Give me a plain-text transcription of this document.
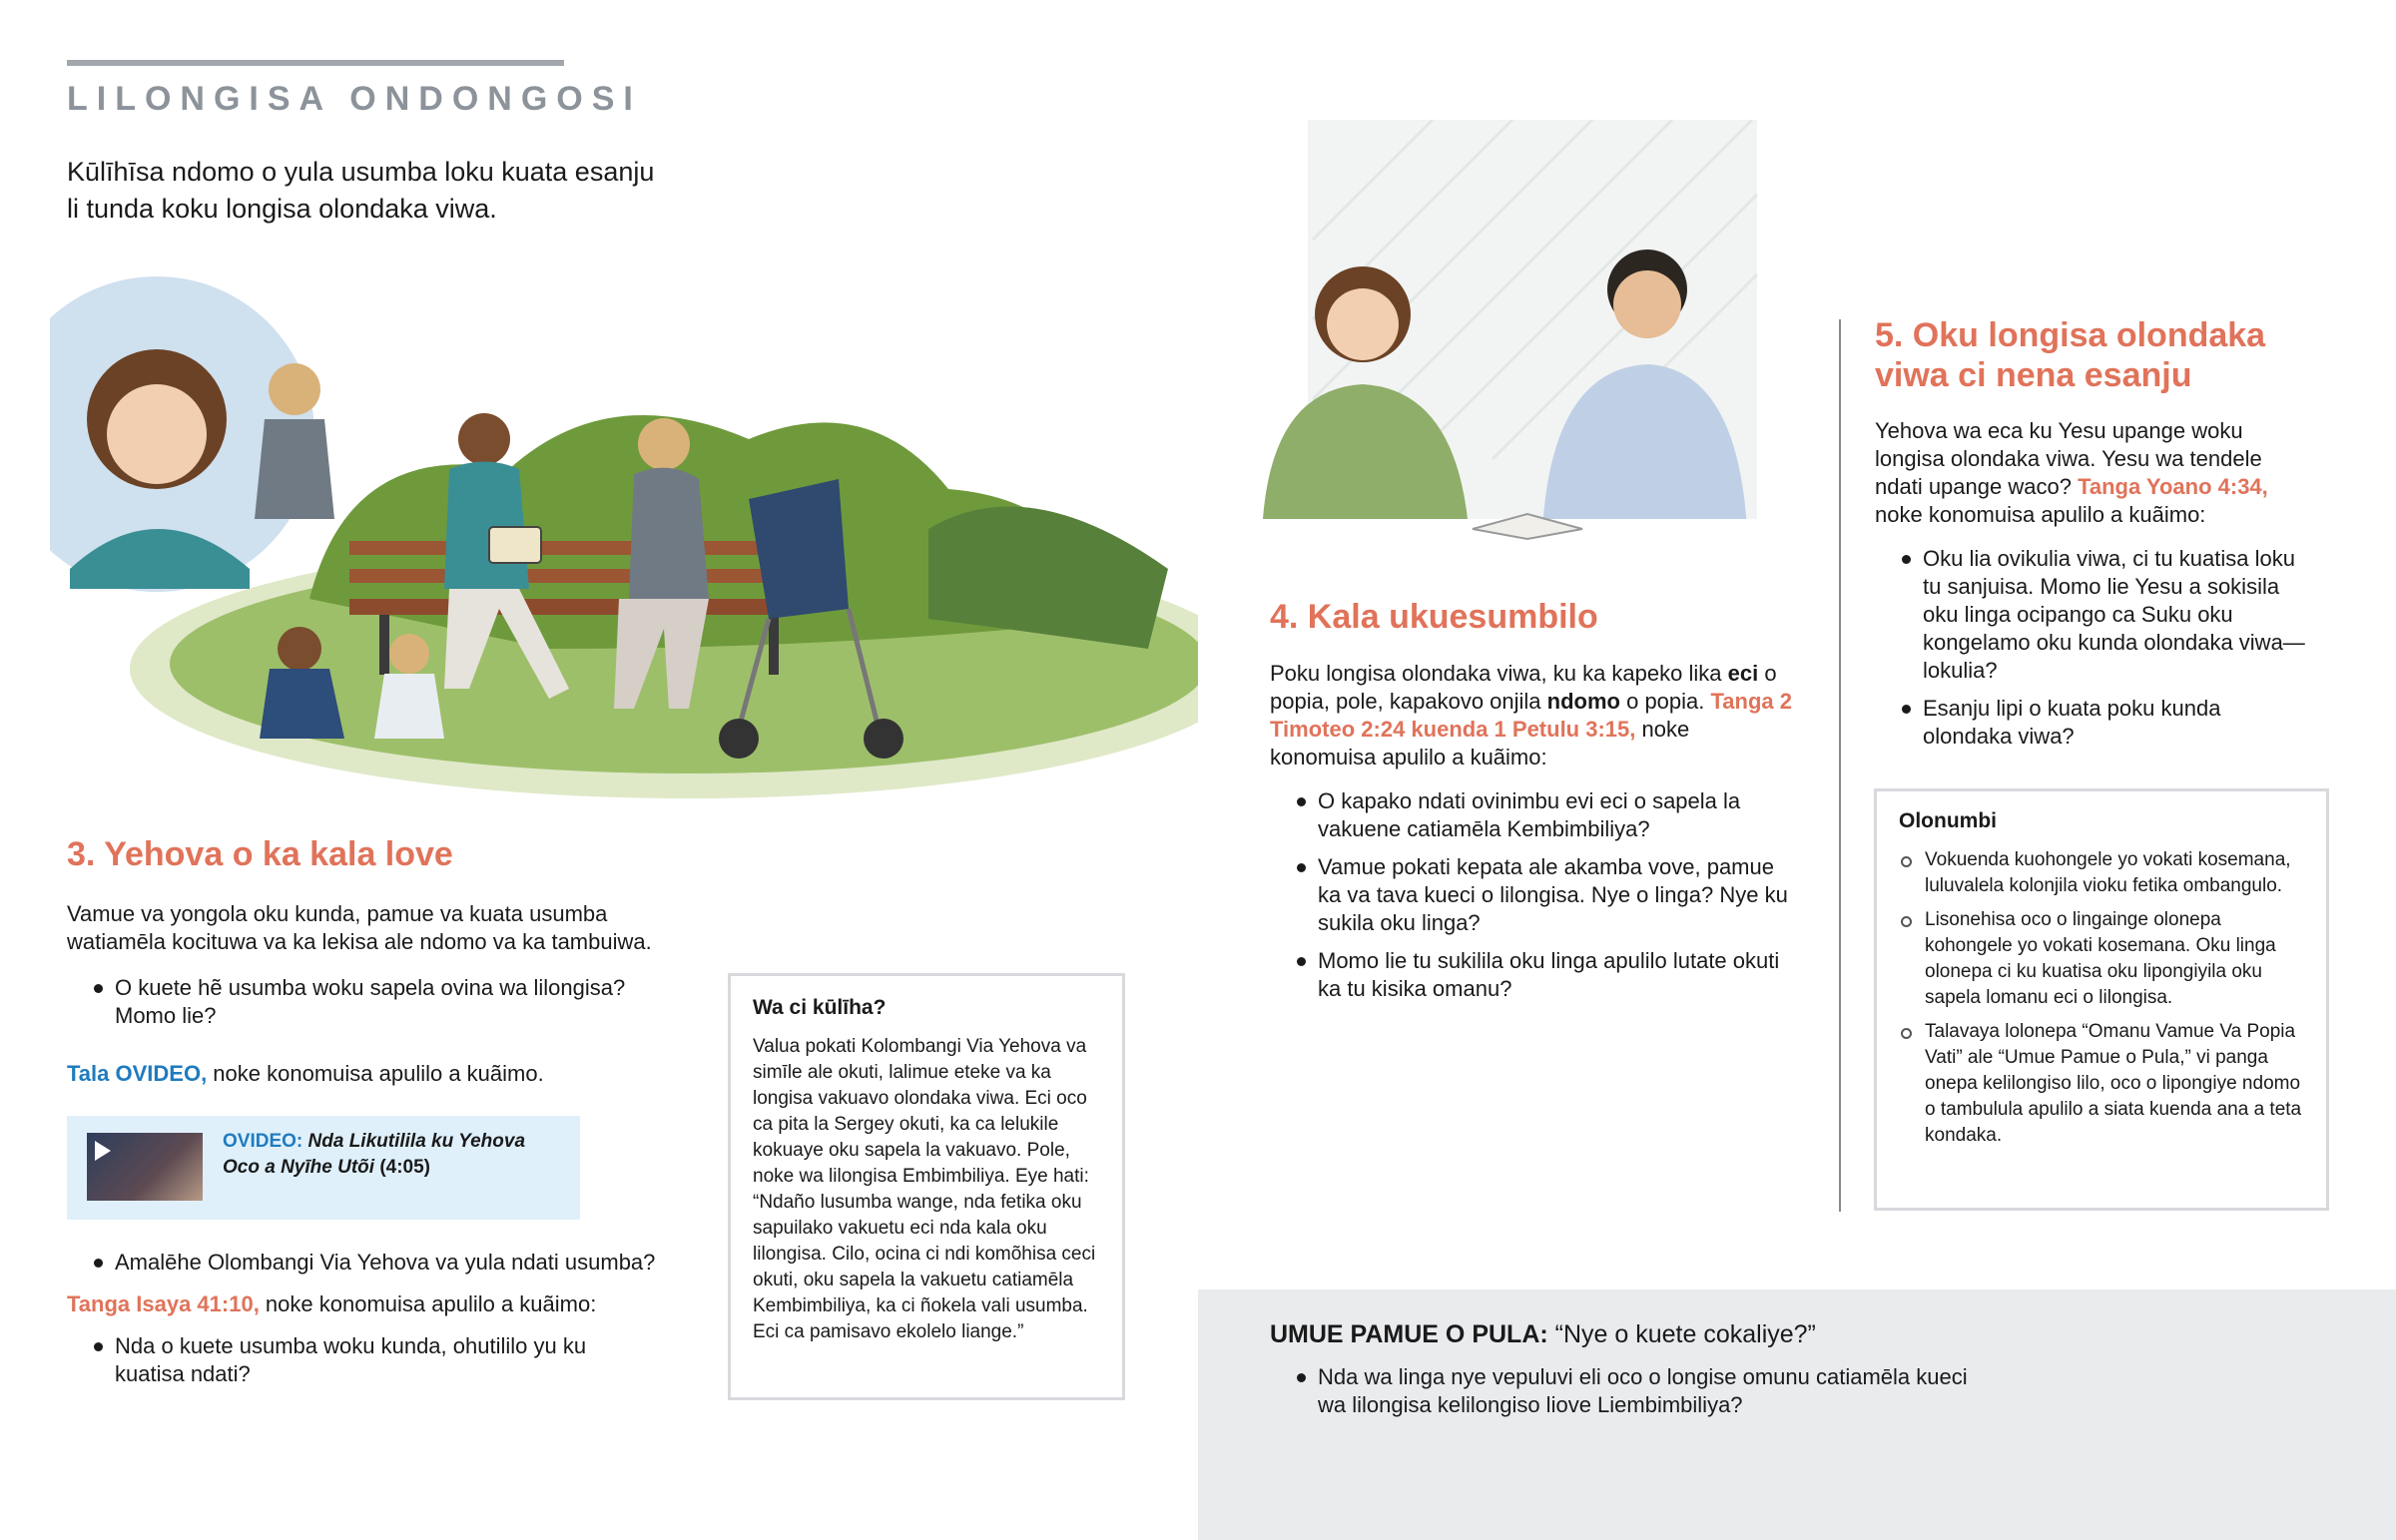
LILONGISA ONDONGOSI
Kūlīhīsa ndomo o yula usumba loku kuata esanju li tunda koku longisa olondaka viwa.
3. Yehova o ka kala love

Vamue va yongola oku kunda, pamue va kuata usumba watiamēla kocituwa va ka lekisa ale ndomo va ka tambuiwa.

O kuete hẽ usumba woku sapela ovina wa lilongisa? Momo lie?
Tala OVIDEO, noke konomuisa apulilo a kuãimo.
OVIDEO: Nda Likutilila ku Yehova Oco a Nyīhe Utõi (4:05)
Amalēhe Olombangi Via Yehova va yula ndati usumba?

Tanga Isaya 41:10, noke konomuisa apulilo a kuãimo:

Nda o kuete usumba woku kunda, ohutililo yu ku kuatisa ndati?
Wa ci kūlīha?
Valua pokati Kolombangi Via Yehova va simīle ale okuti, lalimue eteke va ka longisa vakuavo olondaka viwa. Eci oco ca pita la Sergey okuti, ka ca lelukile kokuaye oku sapela la vakuavo. Pole, noke wa lilongisa Embimbiliya. Eye hati: “Ndaño lusumba wange, nda fetika oku sapuilako vakuetu eci nda kala oku lilongisa. Cilo, ocina ci ndi komõhisa ceci okuti, oku sapela la vakuetu catiamēla Kembimbiliya, ka ci ñokela vali usumba. Eci ca pamisavo ekolelo liange.”
4. Kala ukuesumbilo

Poku longisa olondaka viwa, ku ka kapeko lika eci o popia, pole, kapakovo onjila ndomo o popia. Tanga 2 Timoteo 2:24 kuenda 1 Petulu 3:15, noke konomuisa apulilo a kuãimo:

O kapako ndati ovinimbu evi eci o sapela la vakuene catiamēla Kembimbiliya?
Vamue pokati kepata ale akamba vove, pamue ka va tava kueci o lilongisa. Nye o linga? Nye ku sukila oku linga?
Momo lie tu sukilila oku linga apulilo lutate okuti ka tu kisika omanu?
5. Oku longisa olondaka viwa ci nena esanju

Yehova wa eca ku Yesu upange woku longisa olondaka viwa. Yesu wa tendele ndati upange waco? Tanga Yoano 4:34, noke konomuisa apulilo a kuãimo:

Oku lia ovikulia viwa, ci tu kuatisa loku tu sanjuisa. Momo lie Yesu a sokisila oku linga ocipango ca Suku oku kongelamo oku kunda olondaka viwa—lokulia?
Esanju lipi o kuata poku kunda olondaka viwa?
Olonumbi
Vokuenda kuohongele yo vokati kosemana, luluvalela kolonjila vioku fetika ombangulo.
Lisonehisa oco o lingainge olonepa kohongele yo vokati kosemana. Oku linga olonepa ci ku kuatisa oku lipongiyila oku sapela lomanu eci o lilongisa.
Talavaya lolonepa “Omanu Vamue Va Popia Vati” ale “Umue Pamue o Pula,” vi panga onepa kelilongiso lilo, oco o lipongiye ndomo o tambulula apulilo a siata kuenda ana a teta kondaka.
UMUE PAMUE O PULA: “Nye o kuete cokaliye?”
Nda wa linga nye vepuluvi eli oco o longise omunu catiamēla kueci wa lilongisa kelilongiso liove Liembimbiliya?
